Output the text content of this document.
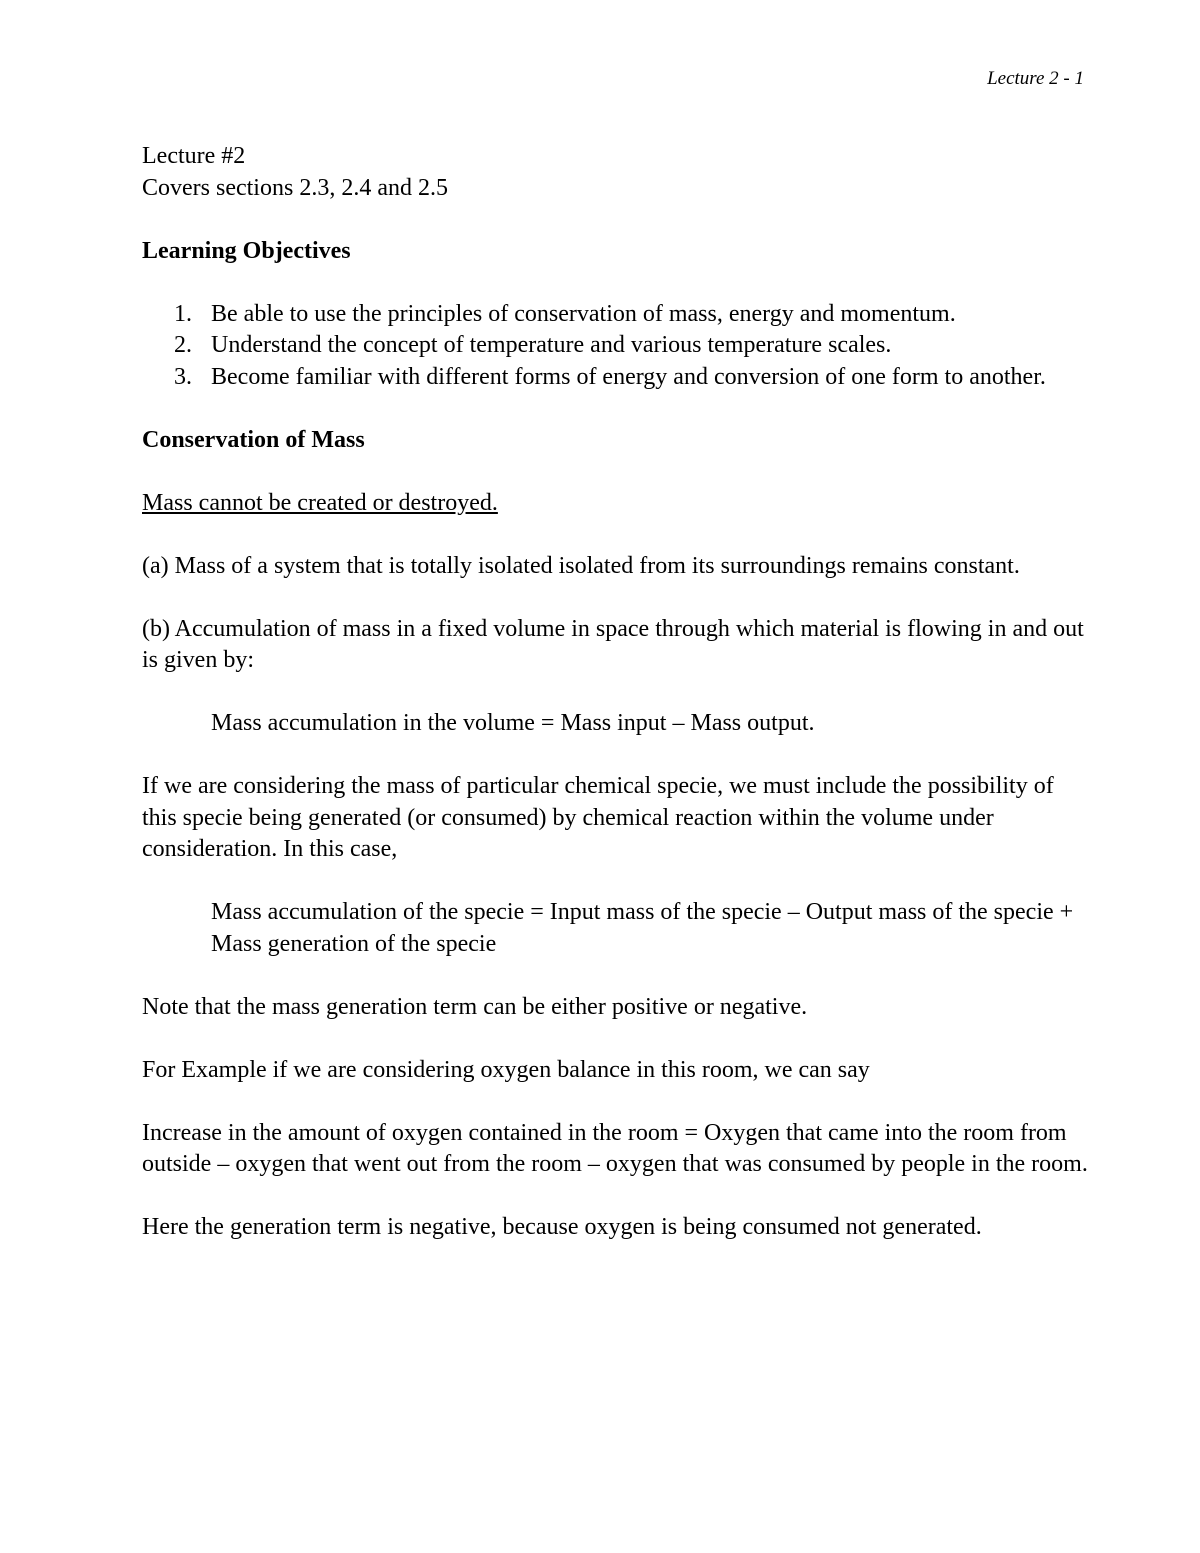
Lecture 2 - 1
Lecture #2
Covers sections 2.3, 2.4 and 2.5
Learning Objectives
1. Be able to use the principles of conservation of mass, energy and momentum.
2. Understand the concept of temperature and various temperature scales.
3. Become familiar with different forms of energy and conversion of one form to another.
Conservation of Mass
Mass cannot be created or destroyed.
(a) Mass of a system that is totally isolated isolated from its surroundings remains constant.
(b) Accumulation of mass in a fixed volume in space through which material is flowing in and out is given by:
Mass accumulation in the volume = Mass input – Mass output.
If we are considering the mass of particular chemical specie, we must include the possibility of this specie being generated (or consumed) by chemical reaction within the volume under consideration. In this case,
Mass accumulation of the specie = Input mass of the specie – Output mass of the specie + Mass generation of the specie
Note that the mass generation term can be either positive or negative.
For Example if we are considering oxygen balance in this room, we can say
Increase in the amount of oxygen contained in the room = Oxygen that came into the room from outside – oxygen that went out from the room – oxygen that was consumed by people in the room.
Here the generation term is negative, because oxygen is being consumed not generated.
